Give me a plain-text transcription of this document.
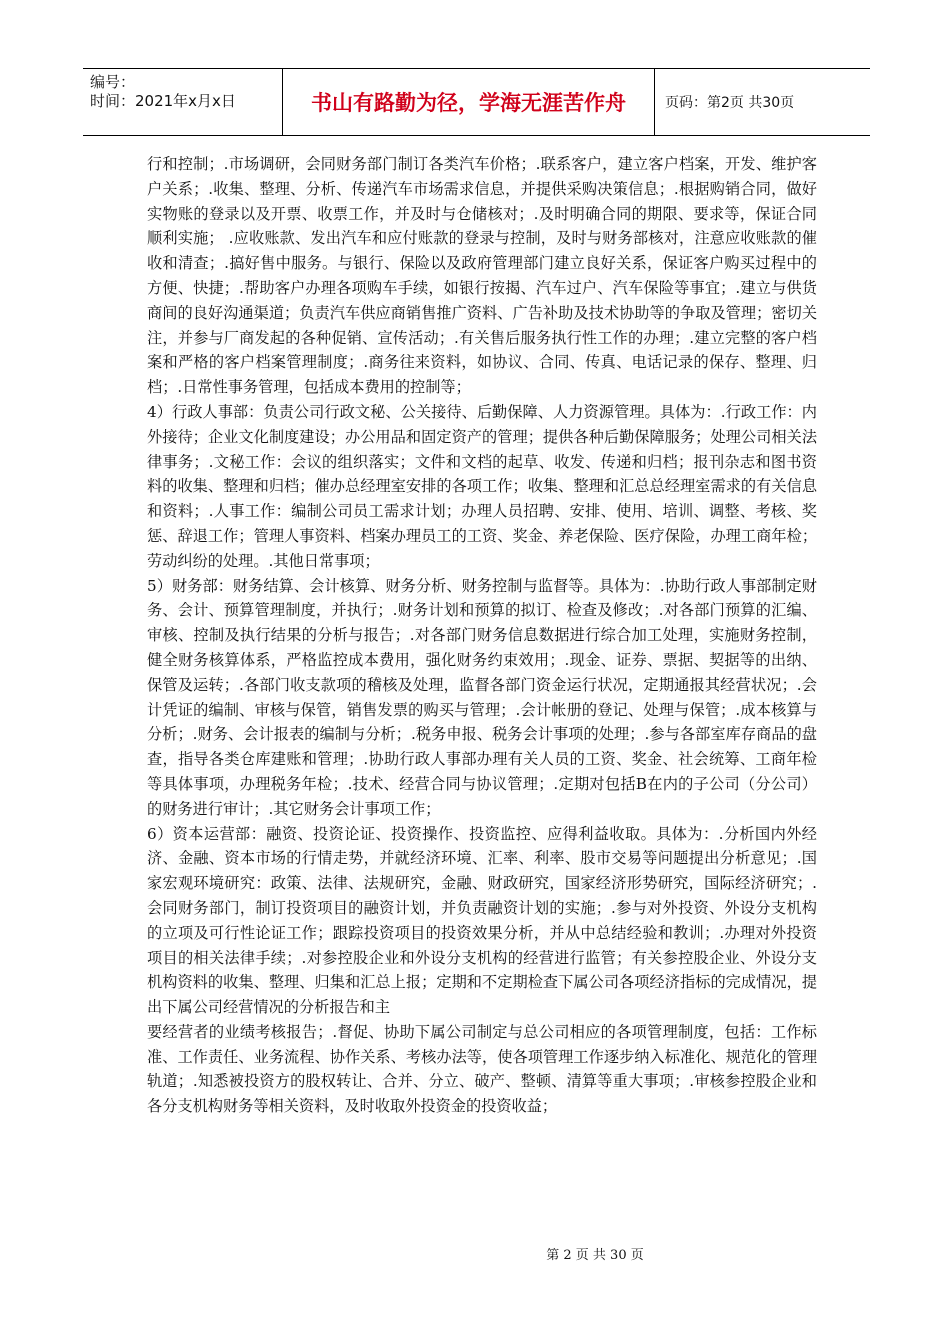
编号：
时间：2021年x月x日	书山有路勤为径，学海无涯苦作舟	页码：第2页 共30页

行和控制；.市场调研，会同财务部门制订各类汽车价格；.联系客户，建立客户档案，开发、维护客户关系；.收集、整理、分析、传递汽车市场需求信息，并提供采购决策信息；.根据购销合同，做好实物账的登录以及开票、收票工作，并及时与仓储核对；.及时明确合同的期限、要求等，保证合同顺利实施； .应收账款、发出汽车和应付账款的登录与控制，及时与财务部核对，注意应收账款的催收和清查；.搞好售中服务。与银行、保险以及政府管理部门建立良好关系，保证客户购买过程中的方便、快捷；.帮助客户办理各项购车手续，如银行按揭、汽车过户、汽车保险等事宜；.建立与供货商间的良好沟通渠道；负责汽车供应商销售推广资料、广告补助及技术协助等的争取及管理；密切关注，并参与厂商发起的各种促销、宣传活动；.有关售后服务执行性工作的办理；.建立完整的客户档案和严格的客户档案管理制度；.商务往来资料，如协议、合同、传真、电话记录的保存、整理、归档；.日常性事务管理，包括成本费用的控制等；

4）行政人事部：负责公司行政文秘、公关接待、后勤保障、人力资源管理。具体为：.行政工作：内外接待；企业文化制度建设；办公用品和固定资产的管理；提供各种后勤保障服务；处理公司相关法律事务；.文秘工作：会议的组织落实；文件和文档的起草、收发、传递和归档；报刊杂志和图书资料的收集、整理和归档；催办总经理室安排的各项工作；收集、整理和汇总总经理室需求的有关信息和资料；.人事工作：编制公司员工需求计划；办理人员招聘、安排、使用、培训、调整、考核、奖惩、辞退工作；管理人事资料、档案办理员工的工资、奖金、养老保险、医疗保险，办理工商年检；劳动纠纷的处理。.其他日常事项；

5）财务部：财务结算、会计核算、财务分析、财务控制与监督等。具体为：.协助行政人事部制定财务、会计、预算管理制度，并执行；.财务计划和预算的拟订、检查及修改；.对各部门预算的汇编、审核、控制及执行结果的分析与报告；.对各部门财务信息数据进行综合加工处理，实施财务控制，健全财务核算体系，严格监控成本费用，强化财务约束效用；.现金、证券、票据、契据等的出纳、保管及运转；.各部门收支款项的稽核及处理，监督各部门资金运行状况，定期通报其经营状况；.会计凭证的编制、审核与保管，销售发票的购买与管理；.会计帐册的登记、处理与保管；.成本核算与分析；.财务、会计报表的编制与分析；.税务申报、税务会计事项的处理；.参与各部室库存商品的盘查，指导各类仓库建账和管理；.协助行政人事部办理有关人员的工资、奖金、社会统筹、工商年检等具体事项，办理税务年检；.技术、经营合同与协议管理；.定期对包括B在内的子公司（分公司）的财务进行审计；.其它财务会计事项工作；

6）资本运营部：融资、投资论证、投资操作、投资监控、应得利益收取。具体为：.分析国内外经济、金融、资本市场的行情走势，并就经济环境、汇率、利率、股市交易等问题提出分析意见；.国家宏观环境研究：政策、法律、法规研究，金融、财政研究，国家经济形势研究，国际经济研究；.会同财务部门，制订投资项目的融资计划，并负责融资计划的实施；.参与对外投资、外设分支机构的立项及可行性论证工作；跟踪投资项目的投资效果分析，并从中总结经验和教训；.办理对外投资项目的相关法律手续；.对参控股企业和外设分支机构的经营进行监管；有关参控股企业、外设分支机构资料的收集、整理、归集和汇总上报；定期和不定期检查下属公司各项经济指标的完成情况，提出下属公司经营情况的分析报告和主

要经营者的业绩考核报告；.督促、协助下属公司制定与总公司相应的各项管理制度，包括：工作标准、工作责任、业务流程、协作关系、考核办法等，使各项管理工作逐步纳入标准化、规范化的管理轨道；.知悉被投资方的股权转让、合并、分立、破产、整顿、清算等重大事项；.审核参控股企业和各分支机构财务等相关资料，及时收取外投资金的投资收益；

第 2 页 共 30 页
